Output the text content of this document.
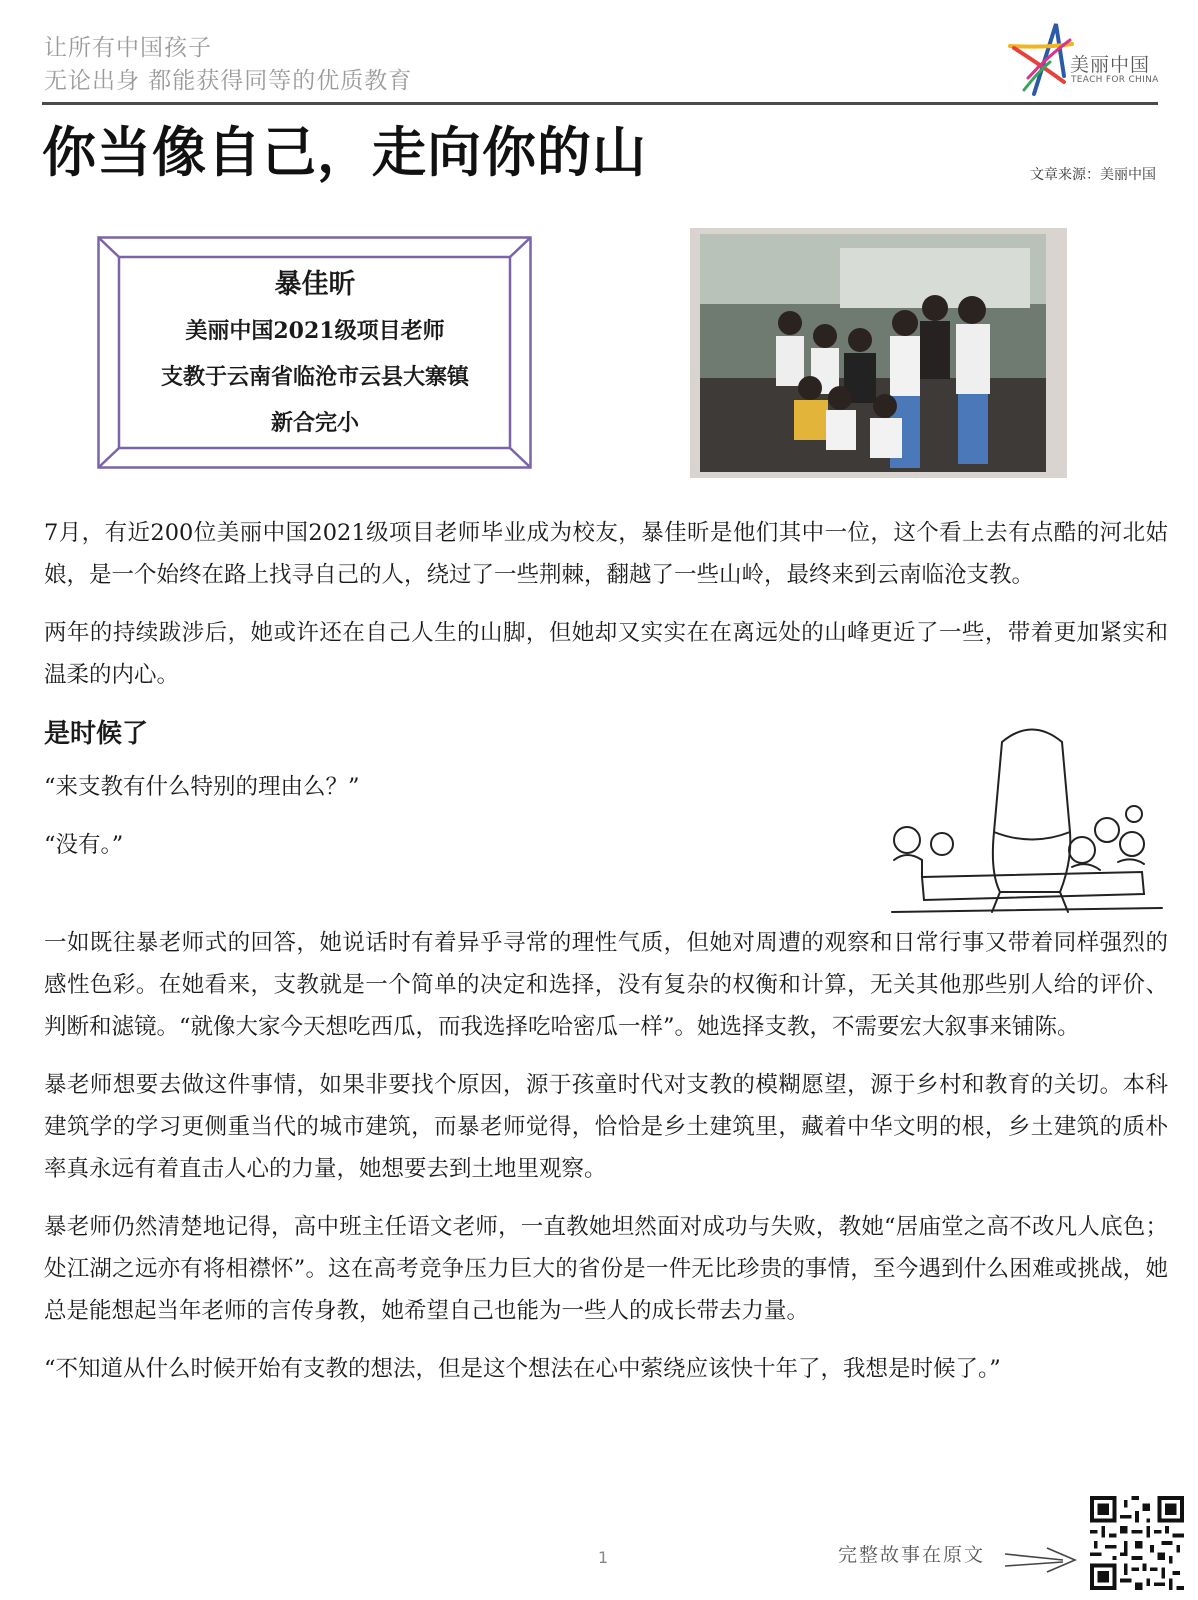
让所有中国孩子
无论出身 都能获得同等的优质教育
美丽中国
TEACH FOR CHINA
你当像自己，走向你的山	文章来源：美丽中国
暴佳昕
美丽中国2021级项目老师
支教于云南省临沧市云县大寨镇
新合完小

7月，有近200位美丽中国2021级项目老师毕业成为校友，暴佳昕是他们其中一位，这个看上去有点酷的河北姑娘，是一个始终在路上找寻自己的人，绕过了一些荆棘，翻越了一些山岭，最终来到云南临沧支教。

两年的持续跋涉后，她或许还在自己人生的山脚，但她却又实实在在离远处的山峰更近了一些，带着更加紧实和温柔的内心。

是时候了

“来支教有什么特别的理由么？”

“没有。”

一如既往暴老师式的回答，她说话时有着异乎寻常的理性气质，但她对周遭的观察和日常行事又带着同样强烈的感性色彩。在她看来，支教就是一个简单的决定和选择，没有复杂的权衡和计算，无关其他那些别人给的评价、判断和滤镜。“就像大家今天想吃西瓜，而我选择吃哈密瓜一样”。她选择支教，不需要宏大叙事来铺陈。

暴老师想要去做这件事情，如果非要找个原因，源于孩童时代对支教的模糊愿望，源于乡村和教育的关切。本科建筑学的学习更侧重当代的城市建筑，而暴老师觉得，恰恰是乡土建筑里，藏着中华文明的根，乡土建筑的质朴率真永远有着直击人心的力量，她想要去到土地里观察。

暴老师仍然清楚地记得，高中班主任语文老师，一直教她坦然面对成功与失败，教她“居庙堂之高不改凡人底色；处江湖之远亦有将相襟怀”。这在高考竞争压力巨大的省份是一件无比珍贵的事情，至今遇到什么困难或挑战，她总是能想起当年老师的言传身教，她希望自己也能为一些人的成长带去力量。

“不知道从什么时候开始有支教的想法，但是这个想法在心中萦绕应该快十年了，我想是时候了。”

1	完整故事在原文
